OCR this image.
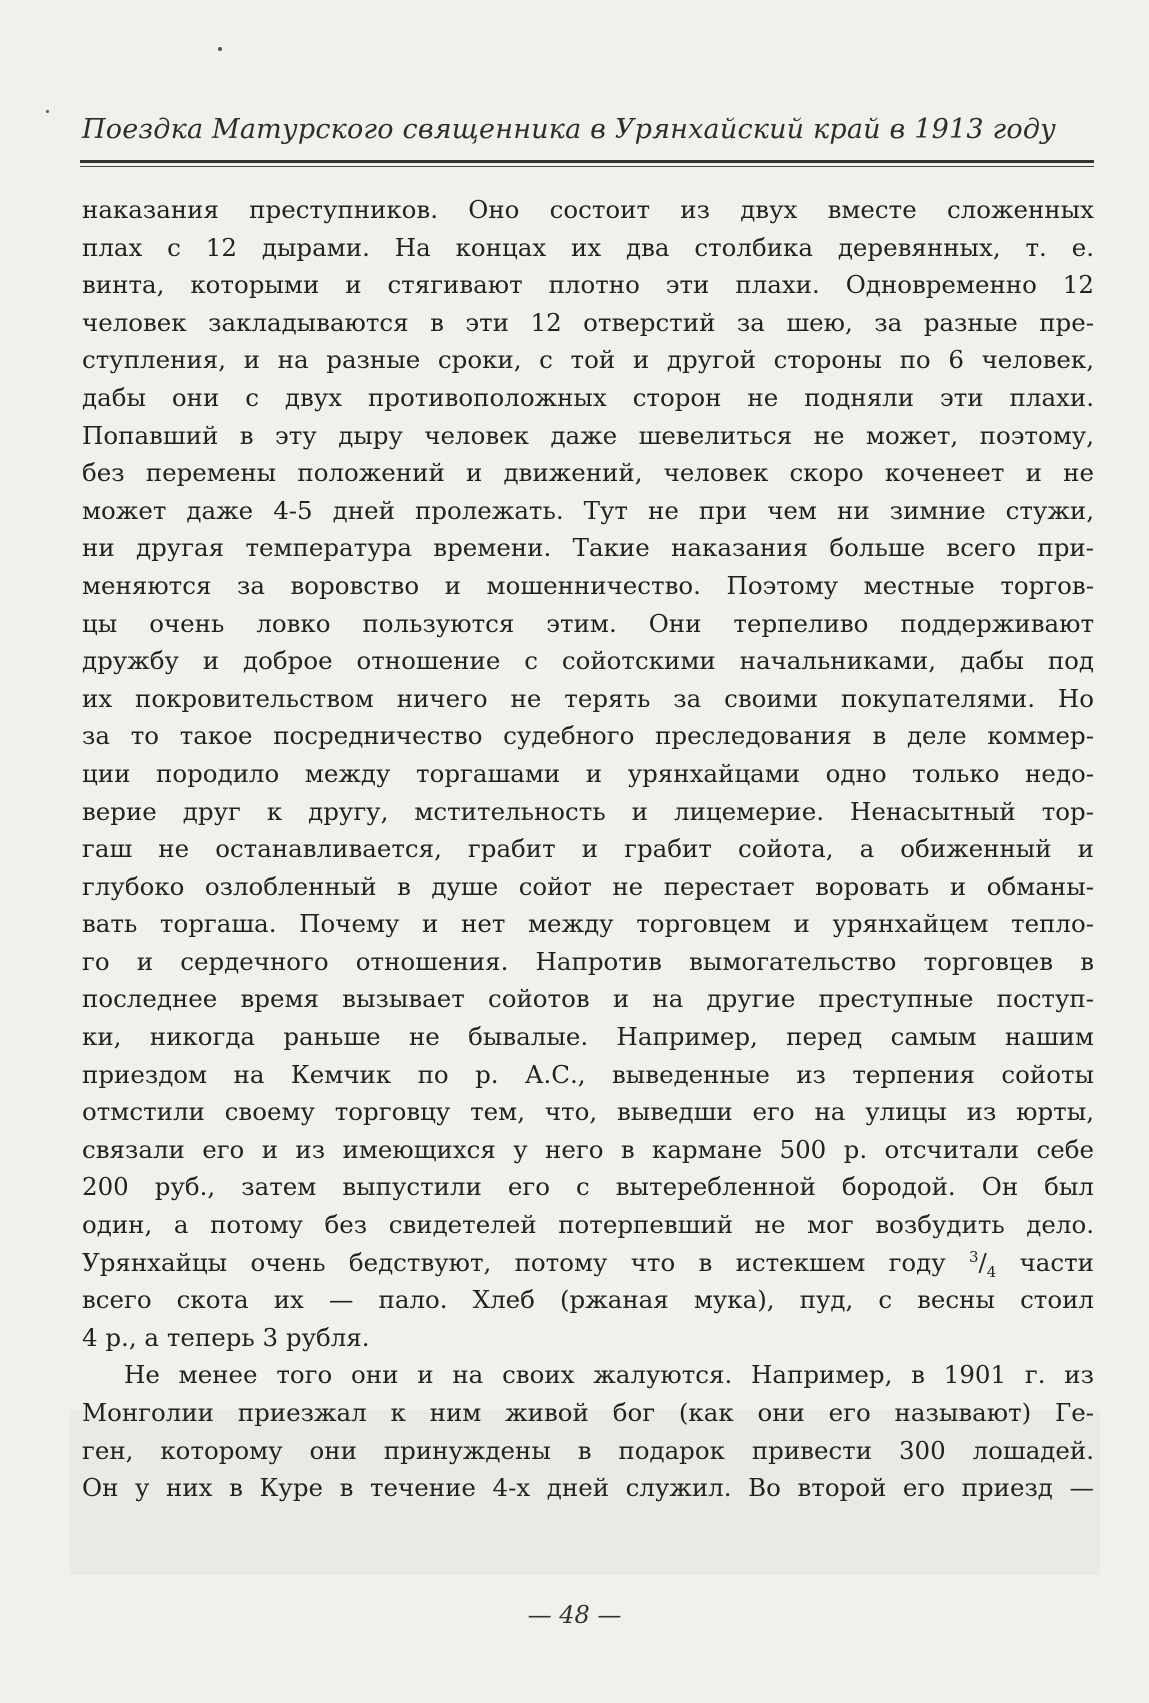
Поездка Матурского священника в Урянхайский край в 1913 году
наказания преступников. Оно состоит из двух вместе сложенных
плах с 12 дырами. На концах их два столбика деревянных, т. е.
винта, которыми и стягивают плотно эти плахи. Одновременно 12
человек закладываются в эти 12 отверстий за шею, за разные пре-
ступления, и на разные сроки, с той и другой стороны по 6 человек,
дабы они с двух противоположных сторон не подняли эти плахи.
Попавший в эту дыру человек даже шевелиться не может, поэтому,
без перемены положений и движений, человек скоро коченеет и не
может даже 4-5 дней пролежать. Тут не при чем ни зимние стужи,
ни другая температура времени. Такие наказания больше всего при-
меняются за воровство и мошенничество. Поэтому местные торгов-
цы очень ловко пользуются этим. Они терпеливо поддерживают
дружбу и доброе отношение с сойотскими начальниками, дабы под
их покровительством ничего не терять за своими покупателями. Но
за то такое посредничество судебного преследования в деле коммер-
ции породило между торгашами и урянхайцами одно только недо-
верие друг к другу, мстительность и лицемерие. Ненасытный тор-
гаш не останавливается, грабит и грабит сойота, а обиженный и
глубоко озлобленный в душе сойот не перестает воровать и обманы-
вать торгаша. Почему и нет между торговцем и урянхайцем тепло-
го и сердечного отношения. Напротив вымогательство торговцев в
последнее время вызывает сойотов и на другие преступные поступ-
ки, никогда раньше не бывалые. Например, перед самым нашим
приездом на Кемчик по р. А.С., выведенные из терпения сойоты
отмстили своему торговцу тем, что, выведши его на улицы из юрты,
связали его и из имеющихся у него в кармане 500 р. отсчитали себе
200 руб., затем выпустили его с вытеребленной бородой. Он был
один, а потому без свидетелей потерпевший не мог возбудить дело.
Урянхайцы очень бедствуют, потому что в истекшем году $^3/_4$ части
всего скота их — пало. Хлеб (ржаная мука), пуд, с весны стоил
4 р., а теперь 3 рубля.
Не менее того они и на своих жалуются. Например, в 1901 г. из
Монголии приезжал к ним живой бог (как они его называют) Ге-
ген, которому они принуждены в подарок привести 300 лошадей.
Он у них в Куре в течение 4-х дней служил. Во второй его приезд —
— 48 —
